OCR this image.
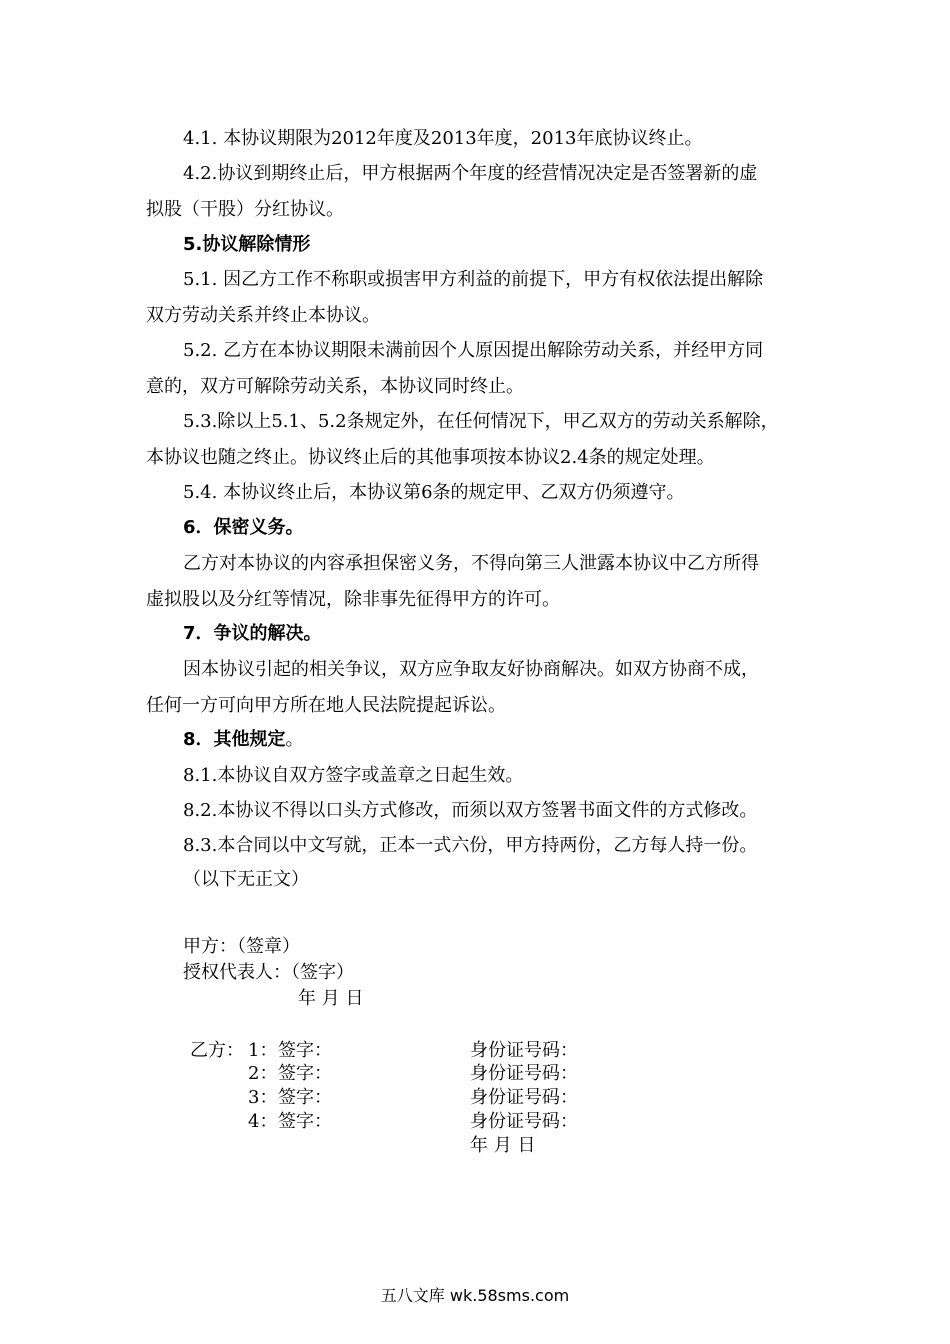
4.1. 本协议期限为2012年度及2013年度，2013年底协议终止。
4.2.协议到期终止后，甲方根据两个年度的经营情况决定是否签署新的虚
拟股（干股）分红协议。
5.协议解除情形
5.1. 因乙方工作不称职或损害甲方利益的前提下，甲方有权依法提出解除
双方劳动关系并终止本协议。
5.2. 乙方在本协议期限未满前因个人原因提出解除劳动关系，并经甲方同
意的，双方可解除劳动关系，本协议同时终止。
5.3.除以上5.1、5.2条规定外，在任何情况下，甲乙双方的劳动关系解除，
本协议也随之终止。协议终止后的其他事项按本协议2.4条的规定处理。
5.4. 本协议终止后，本协议第6条的规定甲、乙双方仍须遵守。
6．保密义务。
乙方对本协议的内容承担保密义务，不得向第三人泄露本协议中乙方所得
虚拟股以及分红等情况，除非事先征得甲方的许可。
7．争议的解决。
因本协议引起的相关争议，双方应争取友好协商解决。如双方协商不成，
任何一方可向甲方所在地人民法院提起诉讼。
8．其他规定。
8.1.本协议自双方签字或盖章之日起生效。
8.2.本协议不得以口头方式修改，而须以双方签署书面文件的方式修改。
8.3.本合同以中文写就，正本一式六份，甲方持两份，乙方每人持一份。
（以下无正文）
甲方：（签章）
授权代表人：（签字）
年 月 日
乙方： 1： 签字：	身份证号码：
2： 签字：	身份证号码：
3： 签字：	身份证号码：
4： 签字：	身份证号码：
年 月 日
五八文库 wk.58sms.com
